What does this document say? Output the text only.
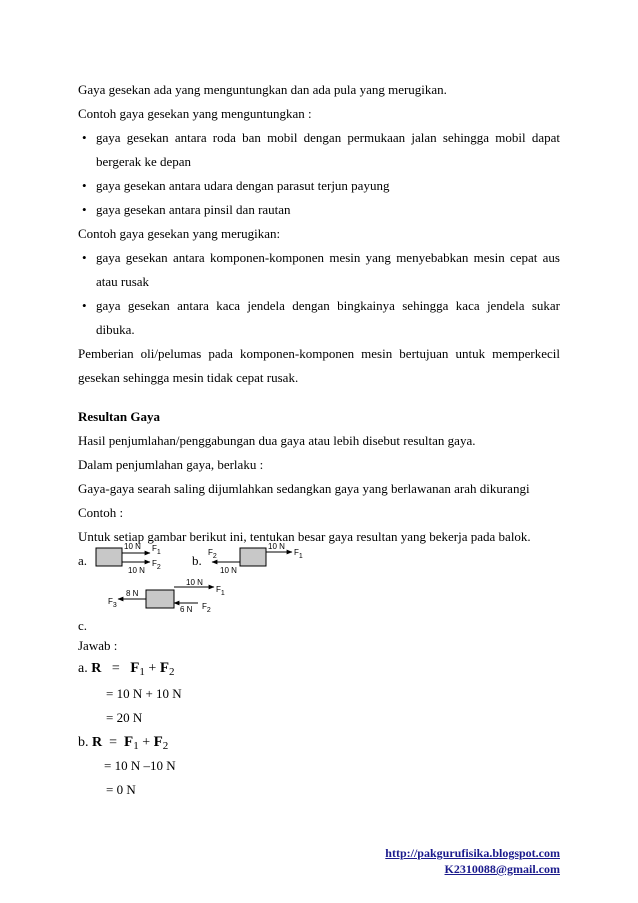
Gaya gesekan ada yang menguntungkan dan ada pula yang merugikan.
Contoh gaya gesekan yang menguntungkan :
• gaya gesekan antara roda ban mobil dengan permukaan jalan sehingga mobil dapat
bergerak ke depan
• gaya gesekan antara udara dengan parasut terjun payung
• gaya gesekan antara pinsil dan rautan
Contoh gaya gesekan yang merugikan:
• gaya gesekan antara komponen-komponen mesin yang menyebabkan mesin cepat aus
atau rusak
• gaya gesekan antara kaca jendela dengan bingkainya sehingga kaca jendela sukar
dibuka.
Pemberian oli/pelumas pada komponen-komponen mesin bertujuan untuk memperkecil
gesekan sehingga mesin tidak cepat rusak.
Resultan Gaya
Hasil penjumlahan/penggabungan dua gaya atau lebih disebut resultan gaya.
Dalam penjumlahan gaya, berlaku :
Gaya-gaya searah saling dijumlahkan sedangkan gaya yang berlawanan arah dikurangi
Contoh :
Untuk setiap gambar berikut ini, tentukan besar gaya resultan yang bekerja pada balok.
a.	b.
c.
10 N F1
10 N
F2
10 N
F1
10 N
F2
10 N
F1
6 N F2
8 N
F3
Jawab :
a. $R = F_1 + F_2$
= 10 N + 10 N
= 20 N
b. $R = F_1 + F_2$
= 10 N –10 N
= 0 N
http://pakgurufisika.blogspot.com
K2310088@gmail.com
